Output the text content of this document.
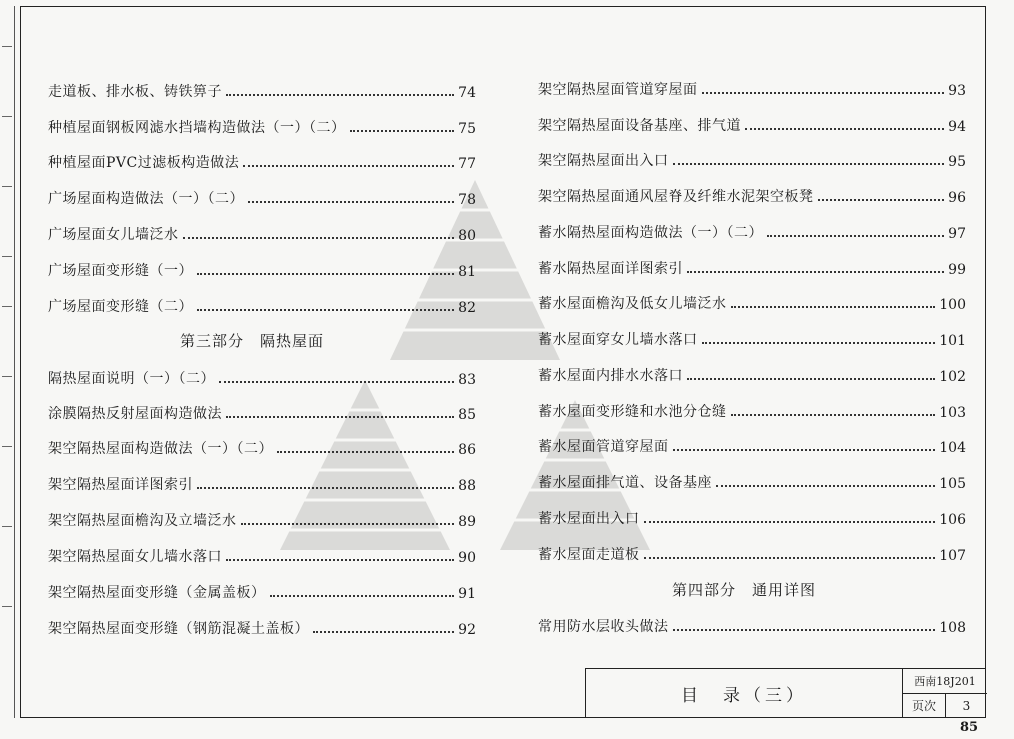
走道板、排水板、铸铁箅子	74
种植屋面钢板网滤水挡墙构造做法（一）（二）	75
种植屋面PVC过滤板构造做法	77
广场屋面构造做法（一）（二）	78
广场屋面女儿墙泛水	80
广场屋面变形缝（一）	81
广场屋面变形缝（二）	82
第三部分　隔热屋面
隔热屋面说明（一）（二）	83
涂膜隔热反射屋面构造做法	85
架空隔热屋面构造做法（一）（二）	86
架空隔热屋面详图索引	88
架空隔热屋面檐沟及立墙泛水	89
架空隔热屋面女儿墙水落口	90
架空隔热屋面变形缝（金属盖板）	91
架空隔热屋面变形缝（钢筋混凝土盖板）	92
架空隔热屋面管道穿屋面	93
架空隔热屋面设备基座、排气道	94
架空隔热屋面出入口	95
架空隔热屋面通风屋脊及纤维水泥架空板凳	96
蓄水隔热屋面构造做法（一）（二）	97
蓄水隔热屋面详图索引	99
蓄水屋面檐沟及低女儿墙泛水	100
蓄水屋面穿女儿墙水落口	101
蓄水屋面内排水水落口	102
蓄水屋面变形缝和水池分仓缝	103
蓄水屋面管道穿屋面	104
蓄水屋面排气道、设备基座	105
蓄水屋面出入口	106
蓄水屋面走道板	107
第四部分　通用详图
常用防水层收头做法	108
目　录（三）
西南18J201
页次	3
85
